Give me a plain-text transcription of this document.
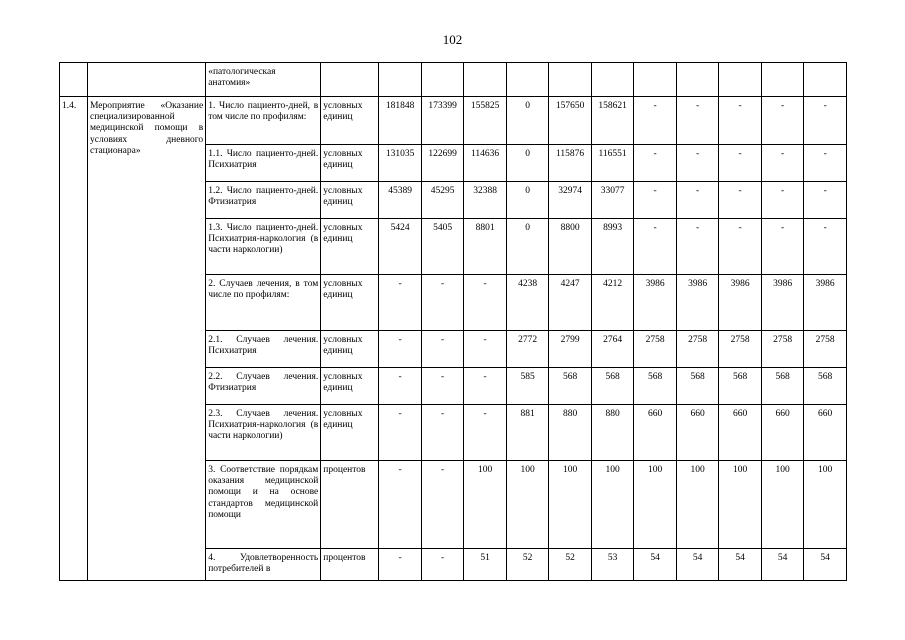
102
		«патологическая анатомия»												
1.4.	Мероприятие «Оказание специализированной медицинской помощи в условиях дневного стационара»	1. Число пациенто-дней, в том числе по профилям:	условных единиц	181848	173399	155825	0	157650	158621	-	-	-	-	-
		1.1. Число пациенто-дней. Психиатрия	условных единиц	131035	122699	114636	0	115876	116551	-	-	-	-	-
		1.2. Число пациенто-дней. Фтизиатрия	условных единиц	45389	45295	32388	0	32974	33077	-	-	-	-	-
		1.3. Число пациенто-дней. Психиатрия-наркология (в части наркологии)	условных единиц	5424	5405	8801	0	8800	8993	-	-	-	-	-
		2. Случаев лечения, в том числе по профилям:	условных единиц	-	-	-	4238	4247	4212	3986	3986	3986	3986	3986
		2.1. Случаев лечения. Психиатрия	условных единиц	-	-	-	2772	2799	2764	2758	2758	2758	2758	2758
		2.2. Случаев лечения. Фтизиатрия	условных единиц	-	-	-	585	568	568	568	568	568	568	568
		2.3. Случаев лечения. Психиатрия-наркология (в части наркологии)	условных единиц	-	-	-	881	880	880	660	660	660	660	660
		3. Соответствие порядкам оказания медицинской помощи и на основе стандартов медицинской помощи	процентов	-	-	100	100	100	100	100	100	100	100	100
		4. Удовлетворенность потребителей в	процентов	-	-	51	52	52	53	54	54	54	54	54
